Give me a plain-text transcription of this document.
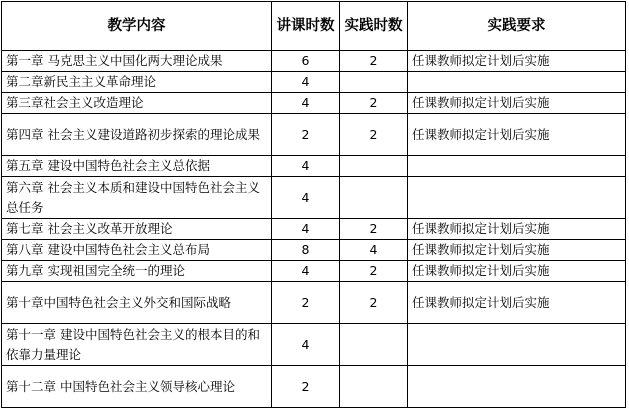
教学内容	讲课时数	实践时数	实践要求
第一章 马克思主义中国化两大理论成果	6	2	任课教师拟定计划后实施
第二章新民主主义革命理论	4		
第三章社会主义改造理论	4	2	任课教师拟定计划后实施
第四章 社会主义建设道路初步探索的理论成果	2	2	任课教师拟定计划后实施
第五章 建设中国特色社会主义总依据	4		
第六章 社会主义本质和建设中国特色社会主义总任务	4		
第七章 社会主义改革开放理论	4	2	任课教师拟定计划后实施
第八章 建设中国特色社会主义总布局	8	4	任课教师拟定计划后实施
第九章 实现祖国完全统一的理论	4	2	任课教师拟定计划后实施
第十章中国特色社会主义外交和国际战略	2	2	任课教师拟定计划后实施
第十一章 建设中国特色社会主义的根本目的和依靠力量理论	4		
第十二章 中国特色社会主义领导核心理论	2		
